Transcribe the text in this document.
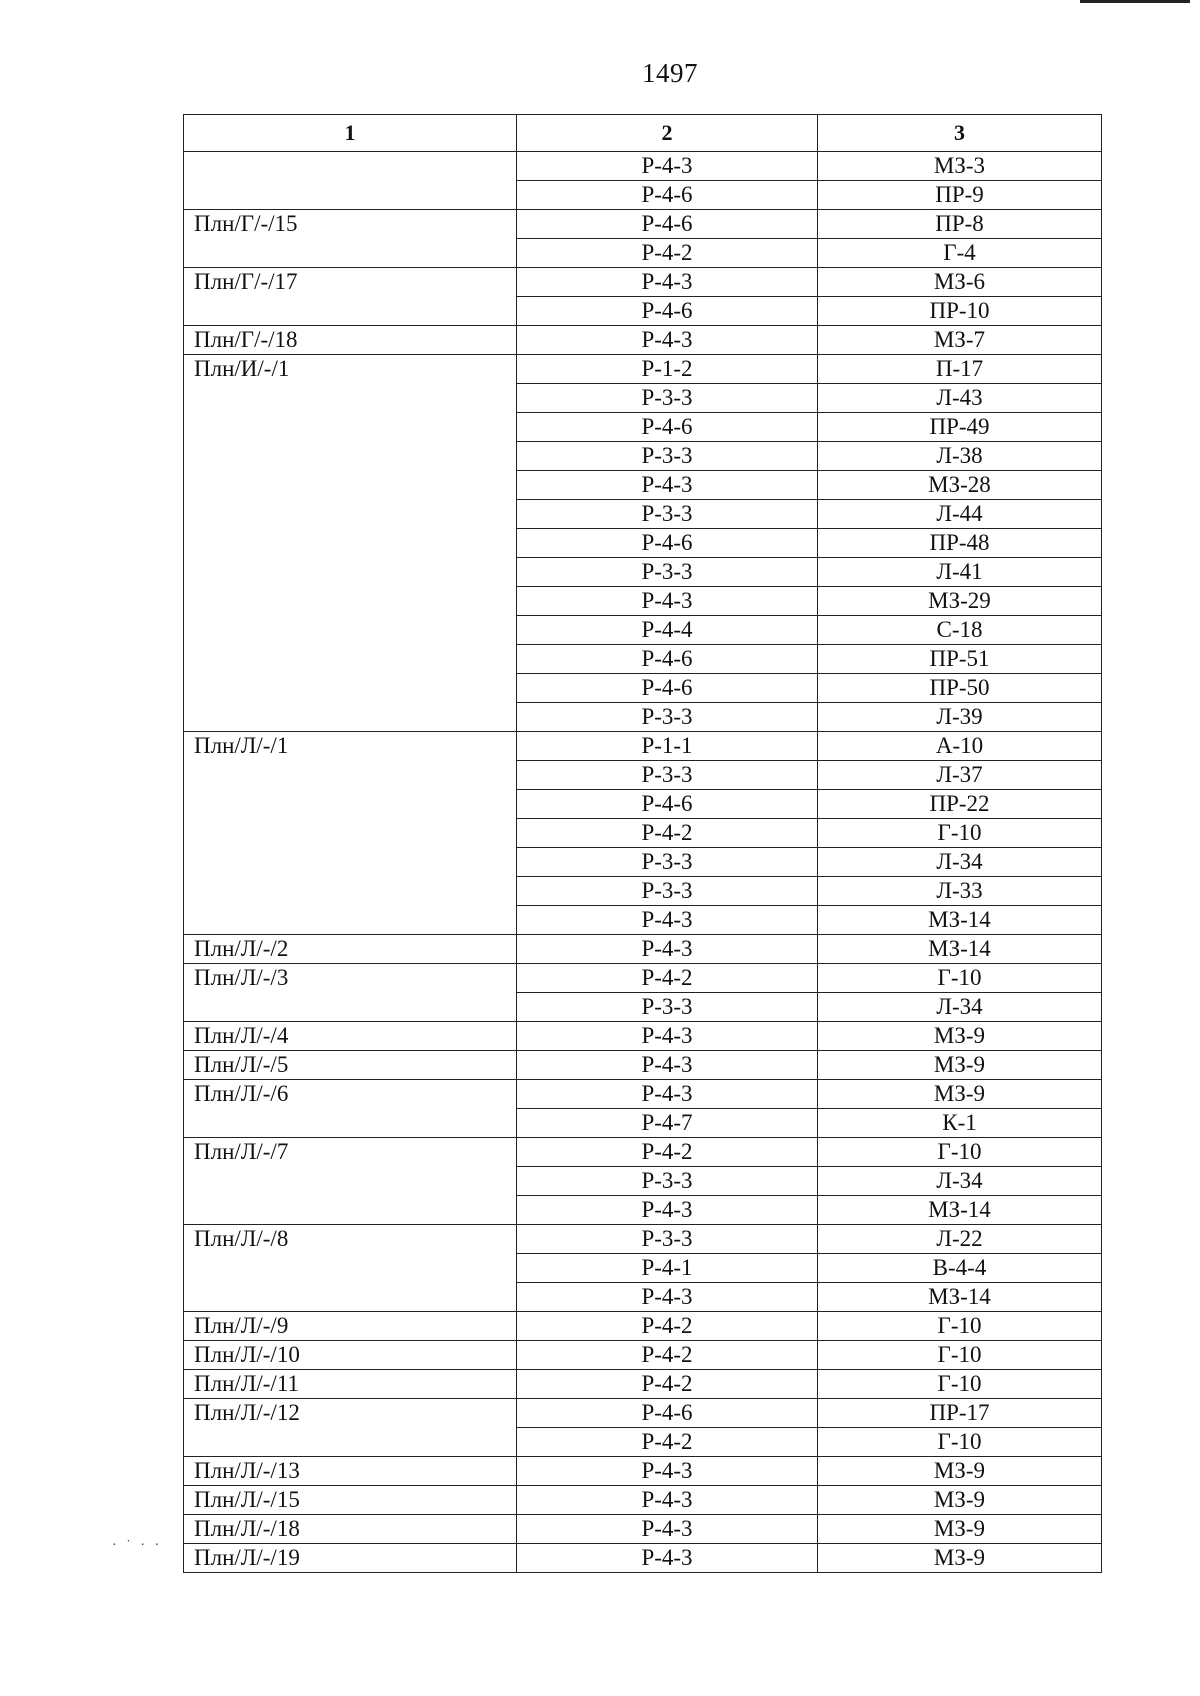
1497
1	2	3
	Р-4-3	МЗ-3
	Р-4-6	ПР-9
Плн/Г/-/15	Р-4-6	ПР-8
	Р-4-2	Г-4
Плн/Г/-/17	Р-4-3	МЗ-6
	Р-4-6	ПР-10
Плн/Г/-/18	Р-4-3	МЗ-7
Плн/И/-/1	Р-1-2	П-17
	Р-3-3	Л-43
	Р-4-6	ПР-49
	Р-3-3	Л-38
	Р-4-3	МЗ-28
	Р-3-3	Л-44
	Р-4-6	ПР-48
	Р-3-3	Л-41
	Р-4-3	МЗ-29
	Р-4-4	С-18
	Р-4-6	ПР-51
	Р-4-6	ПР-50
	Р-3-3	Л-39
Плн/Л/-/1	Р-1-1	А-10
	Р-3-3	Л-37
	Р-4-6	ПР-22
	Р-4-2	Г-10
	Р-3-3	Л-34
	Р-3-3	Л-33
	Р-4-3	МЗ-14
Плн/Л/-/2	Р-4-3	МЗ-14
Плн/Л/-/3	Р-4-2	Г-10
	Р-3-3	Л-34
Плн/Л/-/4	Р-4-3	МЗ-9
Плн/Л/-/5	Р-4-3	МЗ-9
Плн/Л/-/6	Р-4-3	МЗ-9
	Р-4-7	К-1
Плн/Л/-/7	Р-4-2	Г-10
	Р-3-3	Л-34
	Р-4-3	МЗ-14
Плн/Л/-/8	Р-3-3	Л-22
	Р-4-1	В-4-4
	Р-4-3	МЗ-14
Плн/Л/-/9	Р-4-2	Г-10
Плн/Л/-/10	Р-4-2	Г-10
Плн/Л/-/11	Р-4-2	Г-10
Плн/Л/-/12	Р-4-6	ПР-17
	Р-4-2	Г-10
Плн/Л/-/13	Р-4-3	МЗ-9
Плн/Л/-/15	Р-4-3	МЗ-9
Плн/Л/-/18	Р-4-3	МЗ-9
Плн/Л/-/19	Р-4-3	МЗ-9
· ˙ · ·
